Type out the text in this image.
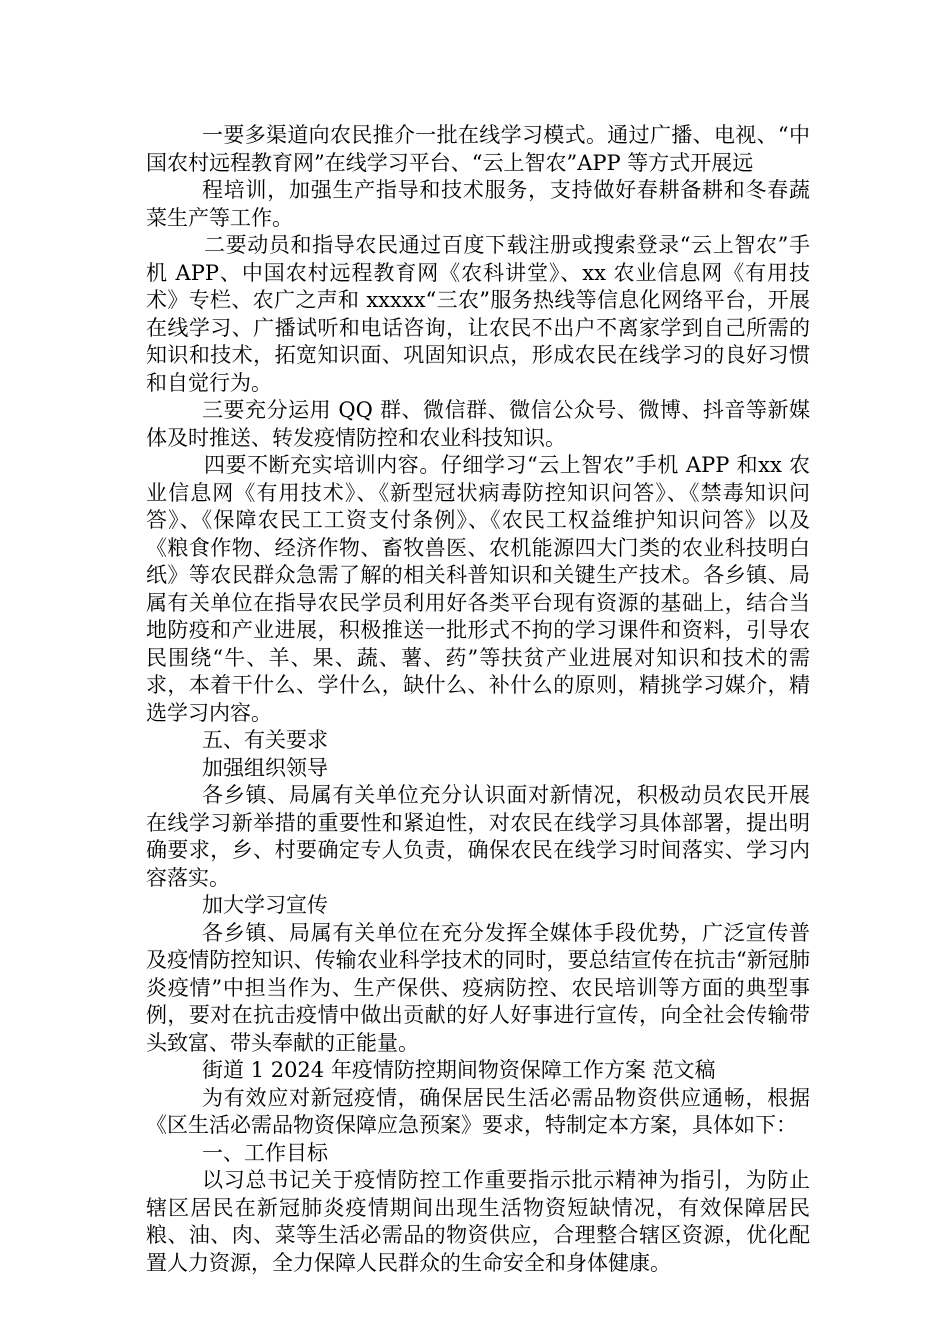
一要多渠道向农民推介一批在线学习模式。通过广播、电视、“中国农村远程教育网”在线学习平台、“云上智农”APP 等方式开展远

程培训，加强生产指导和技术服务，支持做好春耕备耕和冬春蔬菜生产等工作。

二要动员和指导农民通过百度下载注册或搜索登录“云上智农”手机 APP、中国农村远程教育网《农科讲堂》、xx 农业信息网《有用技术》专栏、农广之声和 xxxxx“三农”服务热线等信息化网络平台，开展在线学习、广播试听和电话咨询，让农民不出户不离家学到自己所需的知识和技术，拓宽知识面、巩固知识点，形成农民在线学习的良好习惯和自觉行为。

三要充分运用 QQ 群、微信群、微信公众号、微博、抖音等新媒体及时推送、转发疫情防控和农业科技知识。

四要不断充实培训内容。仔细学习“云上智农”手机 APP 和xx 农业信息网《有用技术》、《新型冠状病毒防控知识问答》、《禁毒知识问答》、《保障农民工工资支付条例》、《农民工权益维护知识问答》以及《粮食作物、经济作物、畜牧兽医、农机能源四大门类的农业科技明白纸》等农民群众急需了解的相关科普知识和关键生产技术。各乡镇、局属有关单位在指导农民学员利用好各类平台现有资源的基础上，结合当地防疫和产业进展，积极推送一批形式不拘的学习课件和资料，引导农民围绕“牛、羊、果、蔬、薯、药”等扶贫产业进展对知识和技术的需求，本着干什么、学什么，缺什么、补什么的原则，精挑学习媒介，精选学习内容。

五、有关要求

加强组织领导

各乡镇、局属有关单位充分认识面对新情况，积极动员农民开展在线学习新举措的重要性和紧迫性，对农民在线学习具体部署，提出明确要求，乡、村要确定专人负责，确保农民在线学习时间落实、学习内容落实。

加大学习宣传

各乡镇、局属有关单位在充分发挥全媒体手段优势，广泛宣传普及疫情防控知识、传输农业科学技术的同时，要总结宣传在抗击“新冠肺炎疫情”中担当作为、生产保供、疫病防控、农民培训等方面的典型事例，要对在抗击疫情中做出贡献的好人好事进行宣传，向全社会传输带头致富、带头奉献的正能量。

街道 1 2024 年疫情防控期间物资保障工作方案 范文稿

为有效应对新冠疫情，确保居民生活必需品物资供应通畅，根据《区生活必需品物资保障应急预案》要求，特制定本方案，具体如下：

一、工作目标

以习总书记关于疫情防控工作重要指示批示精神为指引，为防止辖区居民在新冠肺炎疫情期间出现生活物资短缺情况，有效保障居民粮、油、肉、菜等生活必需品的物资供应，合理整合辖区资源，优化配置人力资源，全力保障人民群众的生命安全和身体健康。
